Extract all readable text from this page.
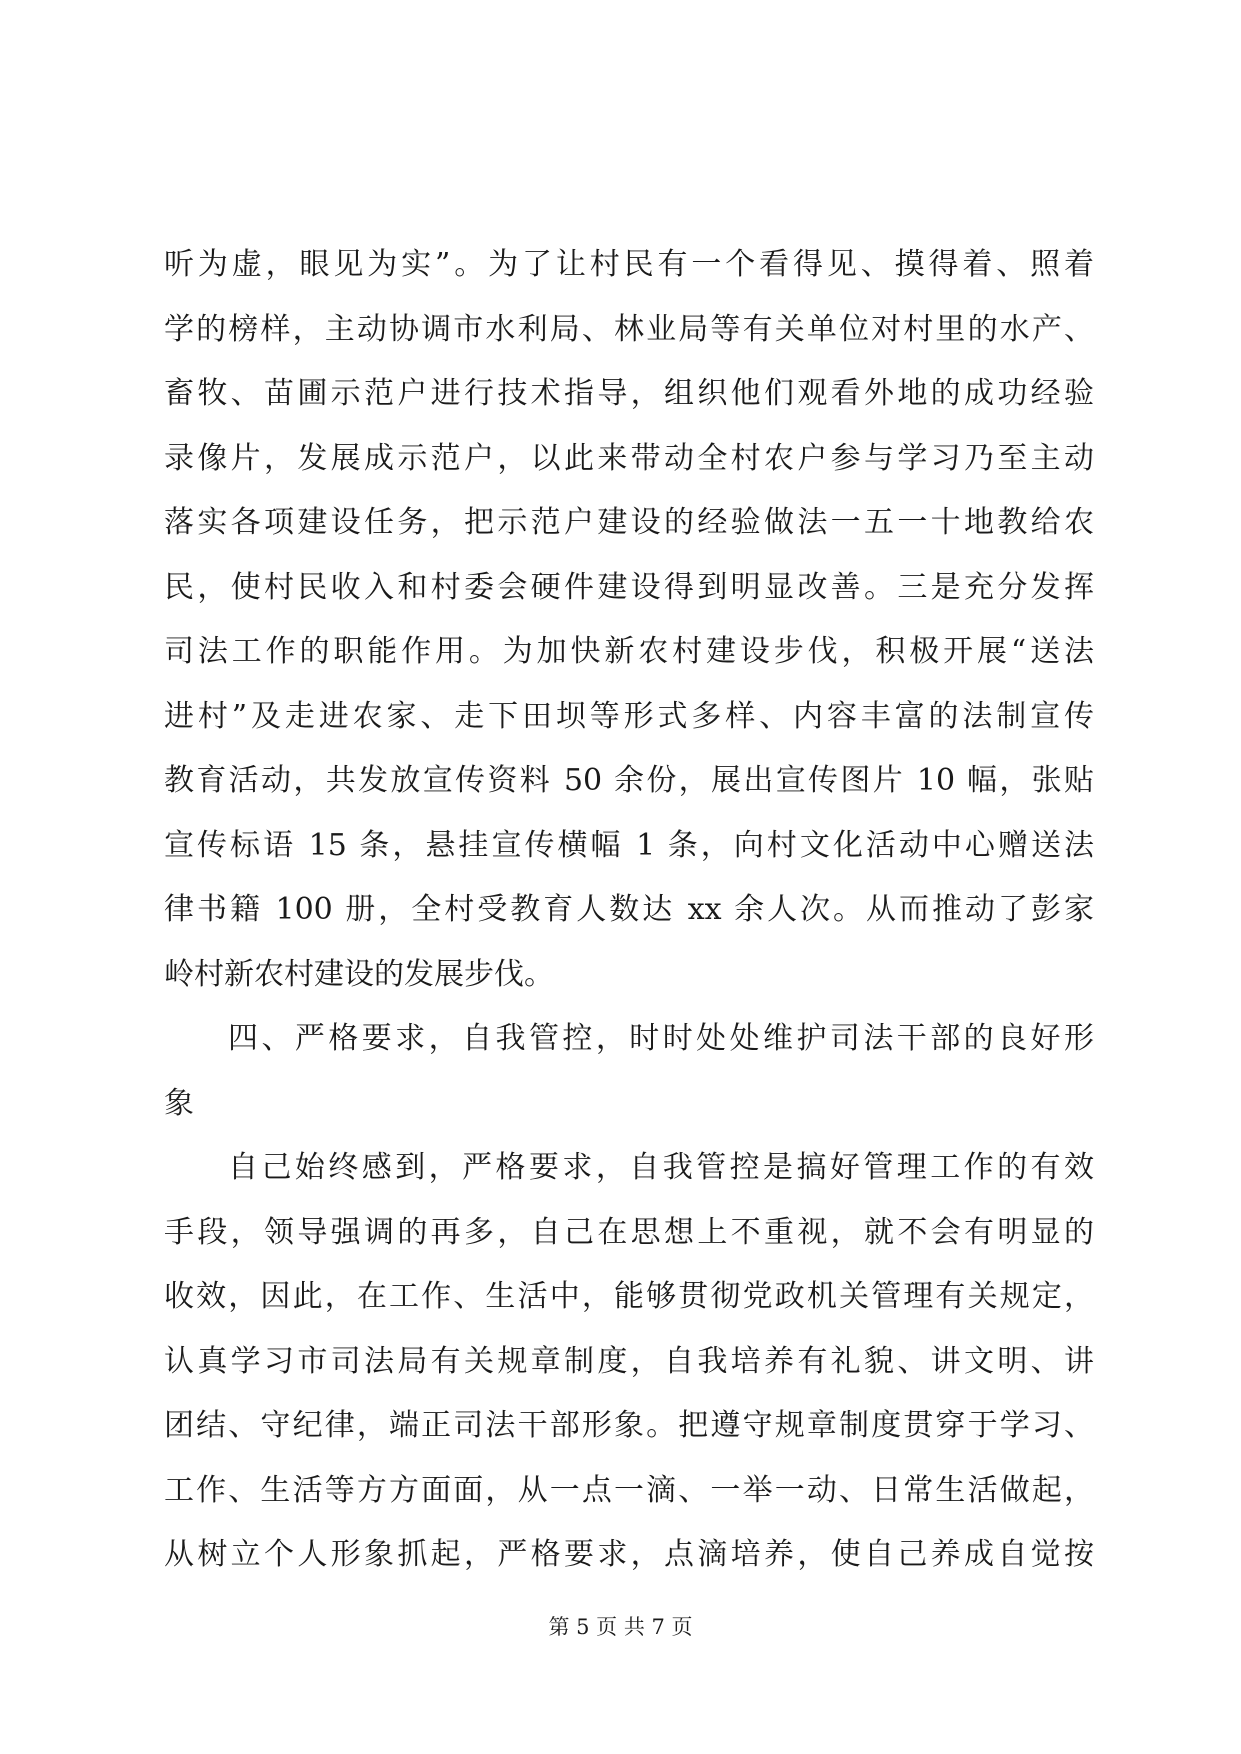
听为虚，眼见为实”。为了让村民有一个看得见、摸得着、照着
学的榜样，主动协调市水利局、林业局等有关单位对村里的水产、
畜牧、苗圃示范户进行技术指导，组织他们观看外地的成功经验
录像片，发展成示范户，以此来带动全村农户参与学习乃至主动
落实各项建设任务，把示范户建设的经验做法一五一十地教给农
民，使村民收入和村委会硬件建设得到明显改善。三是充分发挥
司法工作的职能作用。为加快新农村建设步伐，积极开展“送法
进村”及走进农家、走下田坝等形式多样、内容丰富的法制宣传
教育活动，共发放宣传资料 50 余份，展出宣传图片 10 幅，张贴
宣传标语 15 条，悬挂宣传横幅 1 条，向村文化活动中心赠送法
律书籍 100 册，全村受教育人数达 xx 余人次。从而推动了彭家
岭村新农村建设的发展步伐。
四、严格要求，自我管控，时时处处维护司法干部的良好形
象
自己始终感到，严格要求，自我管控是搞好管理工作的有效
手段，领导强调的再多，自己在思想上不重视，就不会有明显的
收效，因此，在工作、生活中，能够贯彻党政机关管理有关规定，
认真学习市司法局有关规章制度，自我培养有礼貌、讲文明、讲
团结、守纪律，端正司法干部形象。把遵守规章制度贯穿于学习、
工作、生活等方方面面，从一点一滴、一举一动、日常生活做起，
从树立个人形象抓起，严格要求，点滴培养，使自己养成自觉按
第 5 页 共 7 页
